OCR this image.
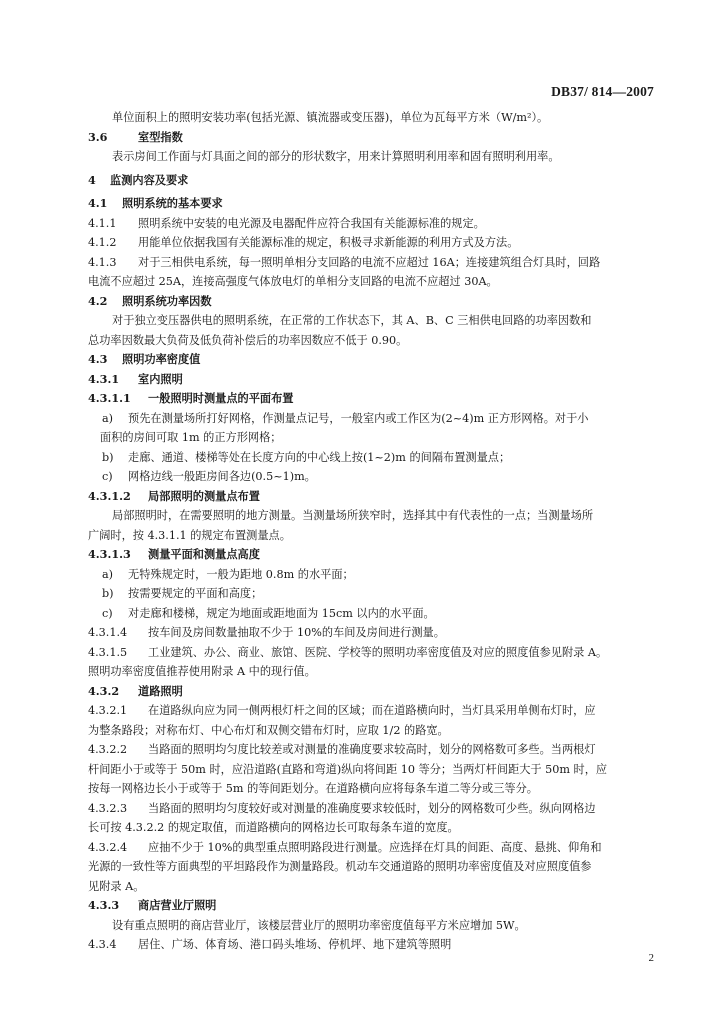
DB37/ 814—2007
单位面积上的照明安装功率(包括光源、镇流器或变压器)，单位为瓦每平方米（W/m²）。
3.6	室型指数
表示房间工作面与灯具面之间的部分的形状数字，用来计算照明利用率和固有照明利用率。
4 监测内容及要求
4.1 照明系统的基本要求
4.1.1 照明系统中安装的电光源及电器配件应符合我国有关能源标准的规定。
4.1.2 用能单位依据我国有关能源标准的规定，积极寻求新能源的利用方式及方法。
4.1.3 对于三相供电系统，每一照明单相分支回路的电流不应超过 16A；连接建筑组合灯具时，回路
电流不应超过 25A，连接高强度气体放电灯的单相分支回路的电流不应超过 30A。
4.2 照明系统功率因数
对于独立变压器供电的照明系统，在正常的工作状态下，其 A、B、C 三相供电回路的功率因数和
总功率因数最大负荷及低负荷补偿后的功率因数应不低于 0.90。
4.3 照明功率密度值
4.3.1 室内照明
4.3.1.1 一般照明时测量点的平面布置
a) 预先在测量场所打好网格，作测量点记号，一般室内或工作区为(2~4)m 正方形网格。对于小
面积的房间可取 1m 的正方形网格；
b) 走廊、通道、楼梯等处在长度方向的中心线上按(1~2)m 的间隔布置测量点；
c) 网格边线一般距房间各边(0.5~1)m。
4.3.1.2 局部照明的测量点布置
局部照明时，在需要照明的地方测量。当测量场所狭窄时，选择其中有代表性的一点；当测量场所
广阔时，按 4.3.1.1 的规定布置测量点。
4.3.1.3 测量平面和测量点高度
a) 无特殊规定时，一般为距地 0.8m 的水平面；
b) 按需要规定的平面和高度；
c) 对走廊和楼梯，规定为地面或距地面为 15cm 以内的水平面。
4.3.1.4 按车间及房间数量抽取不少于 10%的车间及房间进行测量。
4.3.1.5 工业建筑、办公、商业、旅馆、医院、学校等的照明功率密度值及对应的照度值参见附录 A。
照明功率密度值推荐使用附录 A 中的现行值。
4.3.2 道路照明
4.3.2.1 在道路纵向应为同一侧两根灯杆之间的区域；而在道路横向时，当灯具采用单侧布灯时，应
为整条路段；对称布灯、中心布灯和双侧交错布灯时，应取 1/2 的路宽。
4.3.2.2 当路面的照明均匀度比较差或对测量的准确度要求较高时，划分的网格数可多些。当两根灯
杆间距小于或等于 50m 时，应沿道路(直路和弯道)纵向将间距 10 等分；当两灯杆间距大于 50m 时，应
按每一网格边长小于或等于 5m 的等间距划分。在道路横向应将每条车道二等分或三等分。
4.3.2.3 当路面的照明均匀度较好或对测量的准确度要求较低时，划分的网格数可少些。纵向网格边
长可按 4.3.2.2 的规定取值，而道路横向的网格边长可取每条车道的宽度。
4.3.2.4 应抽不少于 10%的典型重点照明路段进行测量。应选择在灯具的间距、高度、悬挑、仰角和
光源的一致性等方面典型的平坦路段作为测量路段。机动车交通道路的照明功率密度值及对应照度值参
见附录 A。
4.3.3 商店营业厅照明
设有重点照明的商店营业厅，该楼层营业厅的照明功率密度值每平方米应增加 5W。
4.3.4 居住、广场、体育场、港口码头堆场、停机坪、地下建筑等照明
2
